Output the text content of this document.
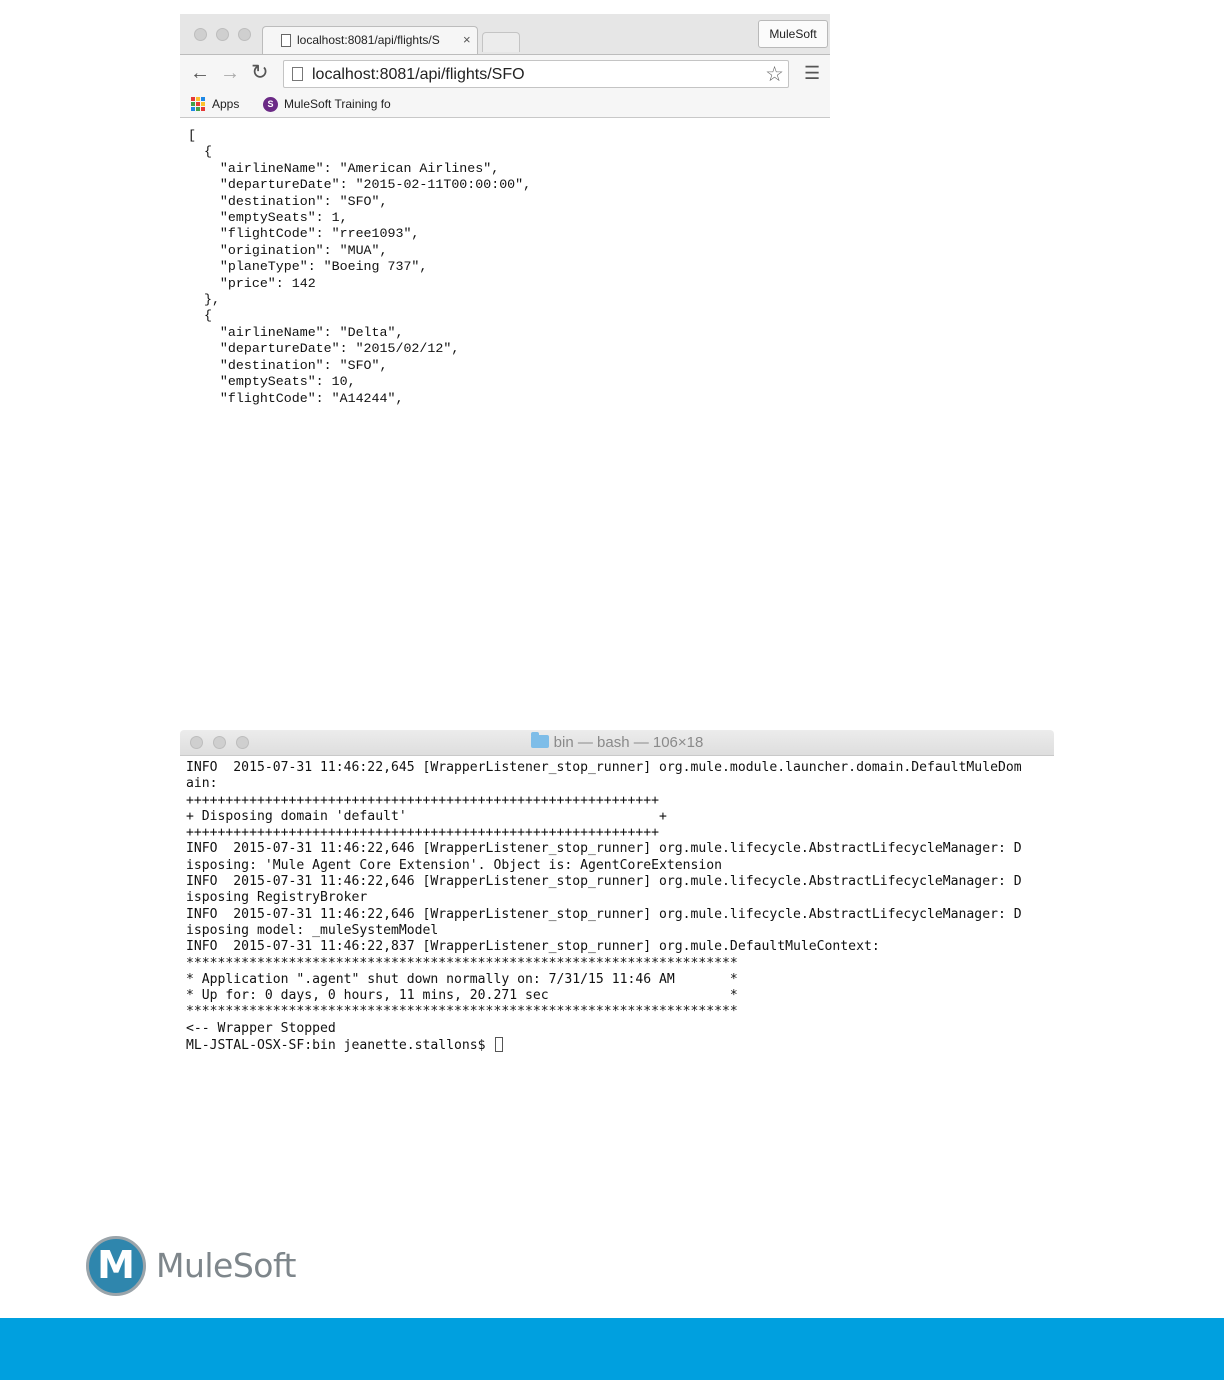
localhost:8081/api/flights/S ×	MuleSoft
← → ↻	localhost:8081/api/flights/SFO	☆ ☰
Apps	S MuleSoft Training fo
[
{
"airlineName": "American Airlines",
"departureDate": "2015-02-11T00:00:00",
"destination": "SFO",
"emptySeats": 1,
"flightCode": "rree1093",
"origination": "MUA",
"planeType": "Boeing 737",
"price": 142
},
{
"airlineName": "Delta",
"departureDate": "2015/02/12",
"destination": "SFO",
"emptySeats": 10,
"flightCode": "A14244",

bin — bash — 106×18
INFO  2015-07-31 11:46:22,645 [WrapperListener_stop_runner] org.mule.module.launcher.domain.DefaultMuleDom
ain:
++++++++++++++++++++++++++++++++++++++++++++++++++++++++++++
+ Disposing domain 'default'                                +
++++++++++++++++++++++++++++++++++++++++++++++++++++++++++++
INFO  2015-07-31 11:46:22,646 [WrapperListener_stop_runner] org.mule.lifecycle.AbstractLifecycleManager: D
isposing: 'Mule Agent Core Extension'. Object is: AgentCoreExtension
INFO  2015-07-31 11:46:22,646 [WrapperListener_stop_runner] org.mule.lifecycle.AbstractLifecycleManager: D
isposing RegistryBroker
INFO  2015-07-31 11:46:22,646 [WrapperListener_stop_runner] org.mule.lifecycle.AbstractLifecycleManager: D
isposing model: _muleSystemModel
INFO  2015-07-31 11:46:22,837 [WrapperListener_stop_runner] org.mule.DefaultMuleContext:
**********************************************************************
* Application ".agent" shut down normally on: 7/31/15 11:46 AM       *
* Up for: 0 days, 0 hours, 11 mins, 20.271 sec                       *
**********************************************************************
<-- Wrapper Stopped
ML-JSTAL-OSX-SF:bin jeanette.stallons$
M MuleSoft
